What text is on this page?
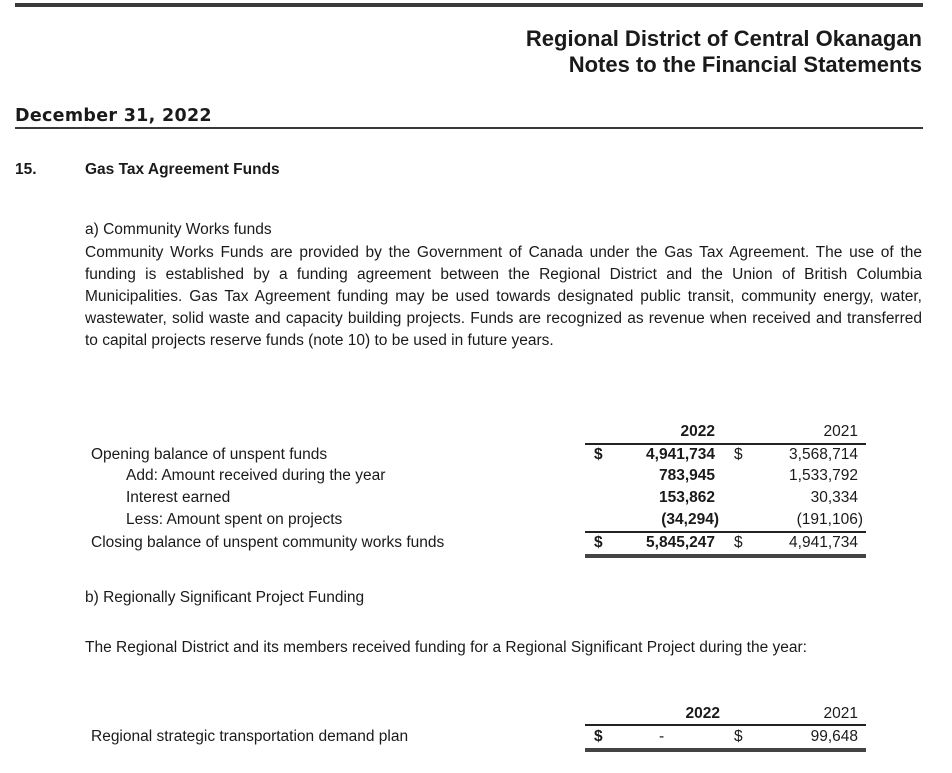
Regional District of Central Okanagan
Notes to the Financial Statements
December 31, 2022
15.	Gas Tax Agreement Funds
a) Community Works funds
Community Works Funds are provided by the Government of Canada under the Gas Tax Agreement. The use of the funding is established by a funding agreement between the Regional District and the Union of British Columbia Municipalities. Gas Tax Agreement funding may be used towards designated public transit, community energy, water, wastewater, solid waste and capacity building projects. Funds are recognized as revenue when received and transferred to capital projects reserve funds (note 10) to be used in future years.
2022	2021
Opening balance of unspent funds	$	4,941,734 $	3,568,714
Add: Amount received during the year	783,945	1,533,792
Interest earned	153,862	30,334
Less: Amount spent on projects	(34,294)	(191,106)
Closing balance of unspent community works funds	$	5,845,247 $	4,941,734
b) Regionally Significant Project Funding
The Regional District and its members received funding for a Regional Significant Project during the year:
2022	2021
Regional strategic transportation demand plan	$	-	$	99,648
